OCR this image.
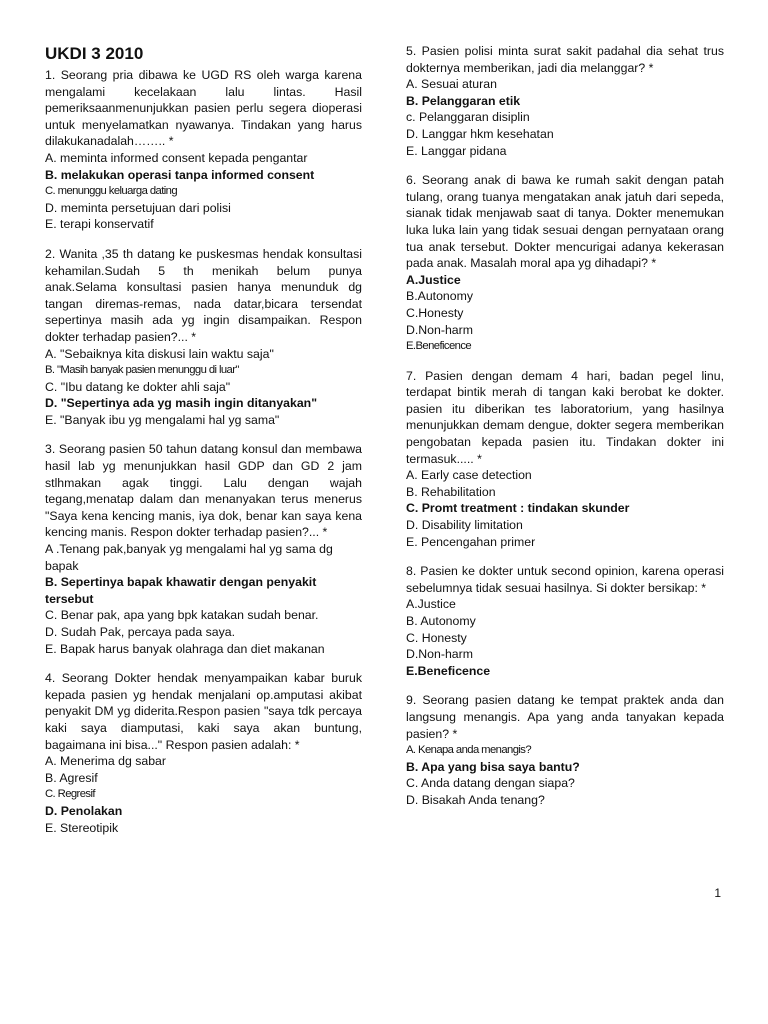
UKDI 3 2010

1. Seorang pria dibawa ke UGD RS oleh warga karena mengalami kecelakaan lalu lintas. Hasil pemeriksaanmenunjukkan pasien perlu segera dioperasi untuk menyelamatkan nyawanya. Tindakan yang harus dilakukanadalah…….. *

A. meminta informed consent kepada pengantar
B. melakukan operasi tanpa informed consent
C. menunggu keluarga dating
D. meminta persetujuan dari polisi
E. terapi konservatif

2. Wanita ,35 th datang ke puskesmas hendak konsultasi kehamilan.Sudah 5 th menikah belum punya anak.Selama konsultasi pasien hanya menunduk dg tangan diremas-remas, nada datar,bicara tersendat sepertinya masih ada yg ingin disampaikan. Respon dokter terhadap pasien?... *

A. "Sebaiknya kita diskusi lain waktu saja"
B. "Masih banyak pasien menunggu di luar"
C. "Ibu datang ke dokter ahli saja"
D. "Sepertinya ada yg masih ingin ditanyakan"
E. "Banyak ibu yg mengalami hal yg sama"

3. Seorang pasien 50 tahun datang konsul dan membawa hasil lab yg menunjukkan hasil GDP dan GD 2 jam stlhmakan agak tinggi. Lalu dengan wajah tegang,menatap dalam dan menanyakan terus menerus "Saya kena kencing manis, iya dok, benar kan saya kena kencing manis. Respon dokter terhadap pasien?... *

A .Tenang pak,banyak yg mengalami hal yg sama dg bapak
B. Sepertinya bapak khawatir dengan penyakit tersebut
C. Benar pak, apa yang bpk katakan sudah benar.
D. Sudah Pak, percaya pada saya.
E. Bapak harus banyak olahraga dan diet makanan

4. Seorang Dokter hendak menyampaikan kabar buruk kepada pasien yg hendak menjalani op.amputasi akibat penyakit DM yg diderita.Respon pasien "saya tdk percaya kaki saya diamputasi, kaki saya akan buntung, bagaimana ini bisa..." Respon pasien adalah: *

A. Menerima dg sabar
B. Agresif
C. Regresif
D. Penolakan
E. Stereotipik

5. Pasien polisi minta surat sakit padahal dia sehat trus dokternya memberikan, jadi dia melanggar? *

A. Sesuai aturan
B. Pelanggaran etik
c. Pelanggaran disiplin
D. Langgar hkm kesehatan
E. Langgar pidana

6. Seorang anak di bawa ke rumah sakit dengan patah tulang, orang tuanya mengatakan anak jatuh dari sepeda, sianak tidak menjawab saat di tanya. Dokter menemukan luka luka lain yang tidak sesuai dengan pernyataan orang tua anak tersebut. Dokter mencurigai adanya kekerasan pada anak. Masalah moral apa yg dihadapi? *

A.Justice
B.Autonomy
C.Honesty
D.Non-harm
E.Beneficence

7. Pasien dengan demam 4 hari, badan pegel linu, terdapat bintik merah di tangan kaki berobat ke dokter. pasien itu diberikan tes laboratorium, yang hasilnya menunjukkan demam dengue, dokter segera memberikan pengobatan kepada pasien itu. Tindakan dokter ini termasuk..... *

A. Early case detection
B. Rehabilitation
C. Promt treatment : tindakan skunder
D. Disability limitation
E. Pencengahan primer

8. Pasien ke dokter untuk second opinion, karena operasi sebelumnya tidak sesuai hasilnya. Si dokter bersikap: *

A.Justice
B. Autonomy
C. Honesty
D.Non-harm
E.Beneficence

9. Seorang pasien datang ke tempat praktek anda dan langsung menangis. Apa yang anda tanyakan kepada pasien? *

A. Kenapa anda menangis?
B. Apa yang bisa saya bantu?
C. Anda datang dengan siapa?
D. Bisakah Anda tenang?
1
